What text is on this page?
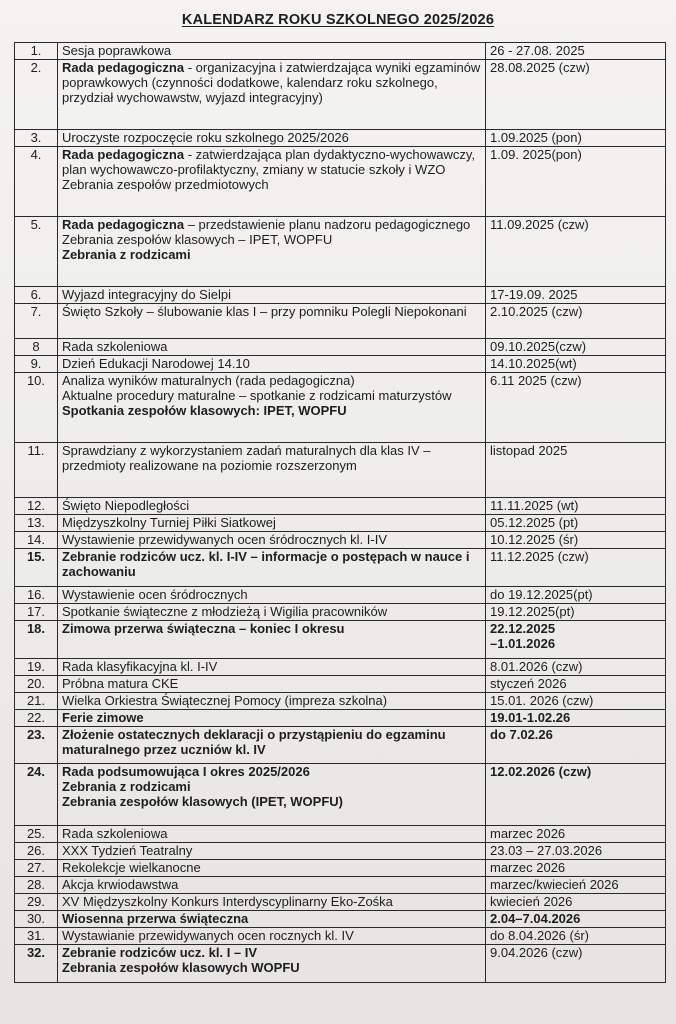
KALENDARZ ROKU SZKOLNEGO 2025/2026
1.	Sesja poprawkowa	26 - 27.08. 2025

2.	Rada pedagogiczna - organizacyjna i zatwierdzająca wyniki egzaminów poprawkowych (czynności dodatkowe, kalendarz roku szkolnego, przydział wychowawstw, wyjazd integracyjny)	28.08.2025 (czw)

3.	Uroczyste rozpoczęcie roku szkolnego 2025/2026	1.09.2025 (pon)

4.	Rada pedagogiczna - zatwierdzająca plan dydaktyczno-wychowawczy, plan wychowawczo-profilaktyczny, zmiany w statucie szkoły i WZO
Zebrania zespołów przedmiotowych	1.09. 2025(pon)

5.	Rada pedagogiczna – przedstawienie planu nadzoru pedagogicznego
Zebrania zespołów klasowych – IPET, WOPFU
Zebrania z rodzicami	11.09.2025 (czw)

6.	Wyjazd integracyjny do Sielpi	17-19.09. 2025

7.	Święto Szkoły – ślubowanie klas I – przy pomniku Polegli Niepokonani	2.10.2025 (czw)

8	Rada szkoleniowa	09.10.2025(czw)

9.	Dzień Edukacji Narodowej 14.10	14.10.2025(wt)

10.	Analiza wyników maturalnych (rada pedagogiczna)
Aktualne procedury maturalne – spotkanie z rodzicami maturzystów
Spotkania zespołów klasowych: IPET, WOPFU	6.11 2025 (czw)

11.	Sprawdziany z wykorzystaniem zadań maturalnych dla klas IV – przedmioty realizowane na poziomie rozszerzonym	listopad 2025

12.	Święto Niepodległości	11.11.2025 (wt)

13.	Międzyszkolny Turniej Piłki Siatkowej	05.12.2025 (pt)

14.	Wystawienie przewidywanych ocen śródrocznych kl. I-IV	10.12.2025 (śr)

15.	Zebranie rodziców ucz. kl. I-IV – informacje o postępach w nauce i zachowaniu	11.12.2025 (czw)

16.	Wystawienie ocen śródrocznych	do 19.12.2025(pt)

17.	Spotkanie świąteczne z młodzieżą i Wigilia pracowników	19.12.2025(pt)

18.	Zimowa przerwa świąteczna – koniec I okresu	22.12.2025
–1.01.2026

19.	Rada klasyfikacyjna kl. I-IV	8.01.2026 (czw)

20.	Próbna matura CKE	styczeń 2026

21.	Wielka Orkiestra Świątecznej Pomocy (impreza szkolna)	15.01. 2026 (czw)

22.	Ferie zimowe	19.01-1.02.26

23.	Złożenie ostatecznych deklaracji o przystąpieniu do egzaminu maturalnego przez uczniów kl. IV	do 7.02.26

24.	Rada podsumowująca I okres 2025/2026
Zebrania z rodzicami
Zebrania zespołów klasowych (IPET, WOPFU)	12.02.2026 (czw)

25.	Rada szkoleniowa	marzec 2026

26.	XXX Tydzień Teatralny	23.03 – 27.03.2026

27.	Rekolekcje wielkanocne	marzec 2026

28.	Akcja krwiodawstwa	marzec/kwiecień 2026

29.	XV Międzyszkolny Konkurs Interdyscyplinarny Eko-Zośka	kwiecień 2026

30.	Wiosenna przerwa świąteczna	2.04–7.04.2026

31.	Wystawianie przewidywanych ocen rocznych kl. IV	do 8.04.2026 (śr)

32.	Zebranie rodziców ucz. kl. I – IV
Zebrania zespołów klasowych WOPFU	9.04.2026 (czw)
